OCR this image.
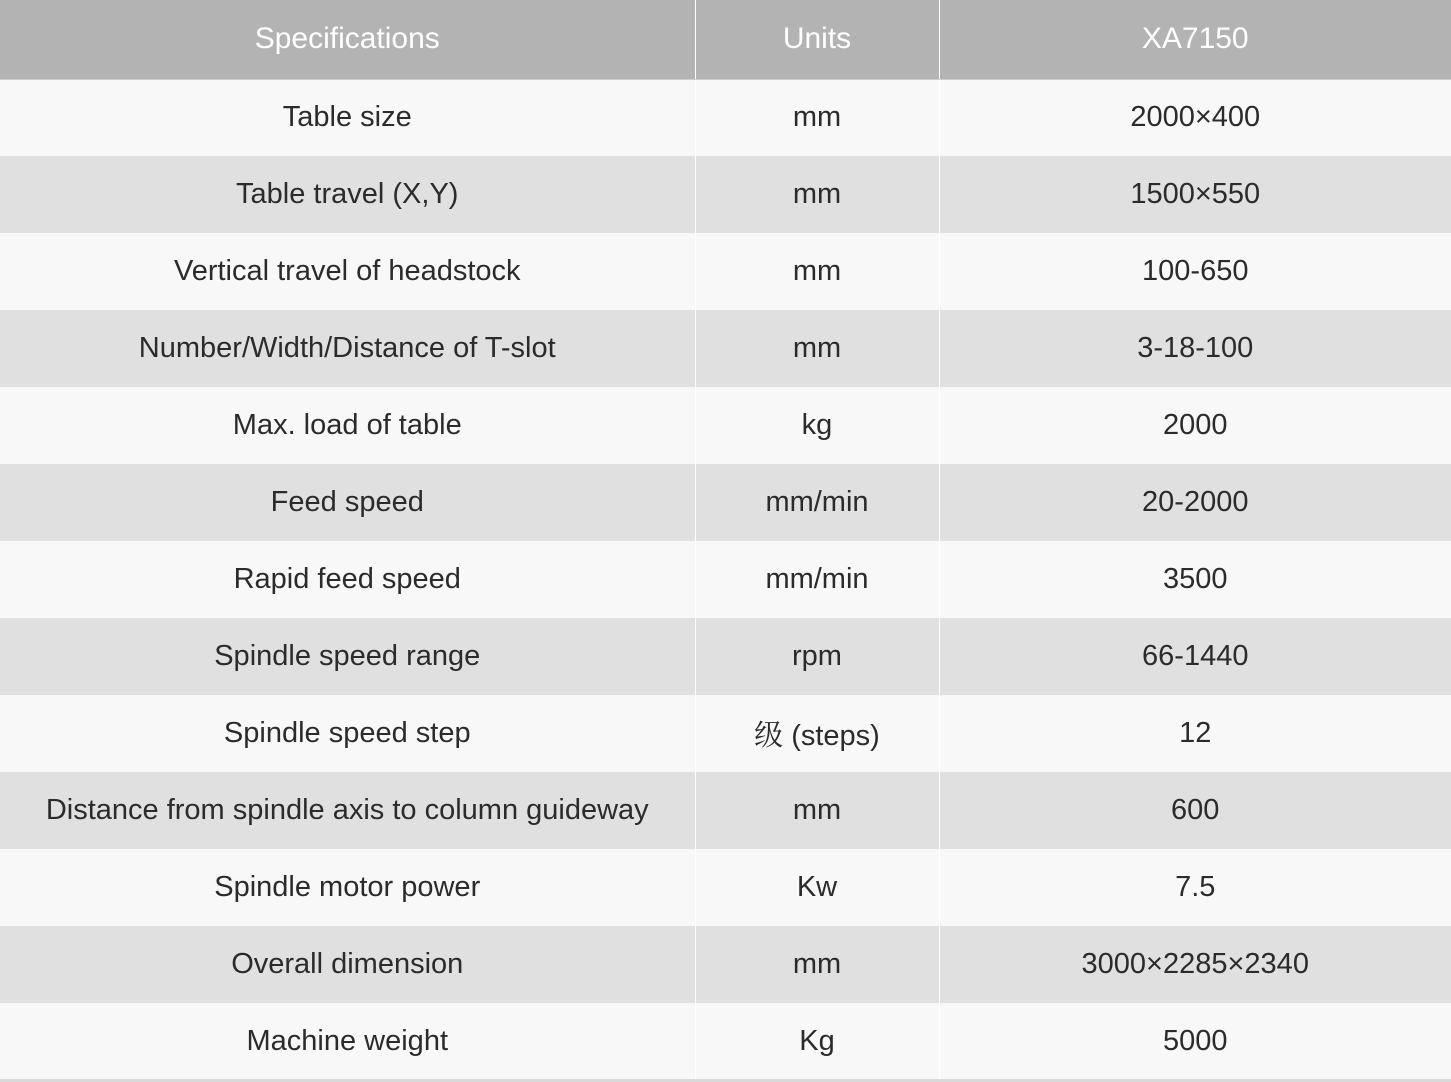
Specifications	Units	XA7150
Table size	mm	2000×400
Table travel (X,Y)	mm	1500×550
Vertical travel of headstock	mm	100-650
Number/Width/Distance of T-slot	mm	3-18-100
Max. load of table	kg	2000
Feed speed	mm/min	20-2000
Rapid feed speed	mm/min	3500
Spindle speed range	rpm	66-1440
Spindle speed step	级 (steps)	12
Distance from spindle axis to column guideway	mm	600
Spindle motor power	Kw	7.5
Overall dimension	mm	3000×2285×2340
Machine weight	Kg	5000
